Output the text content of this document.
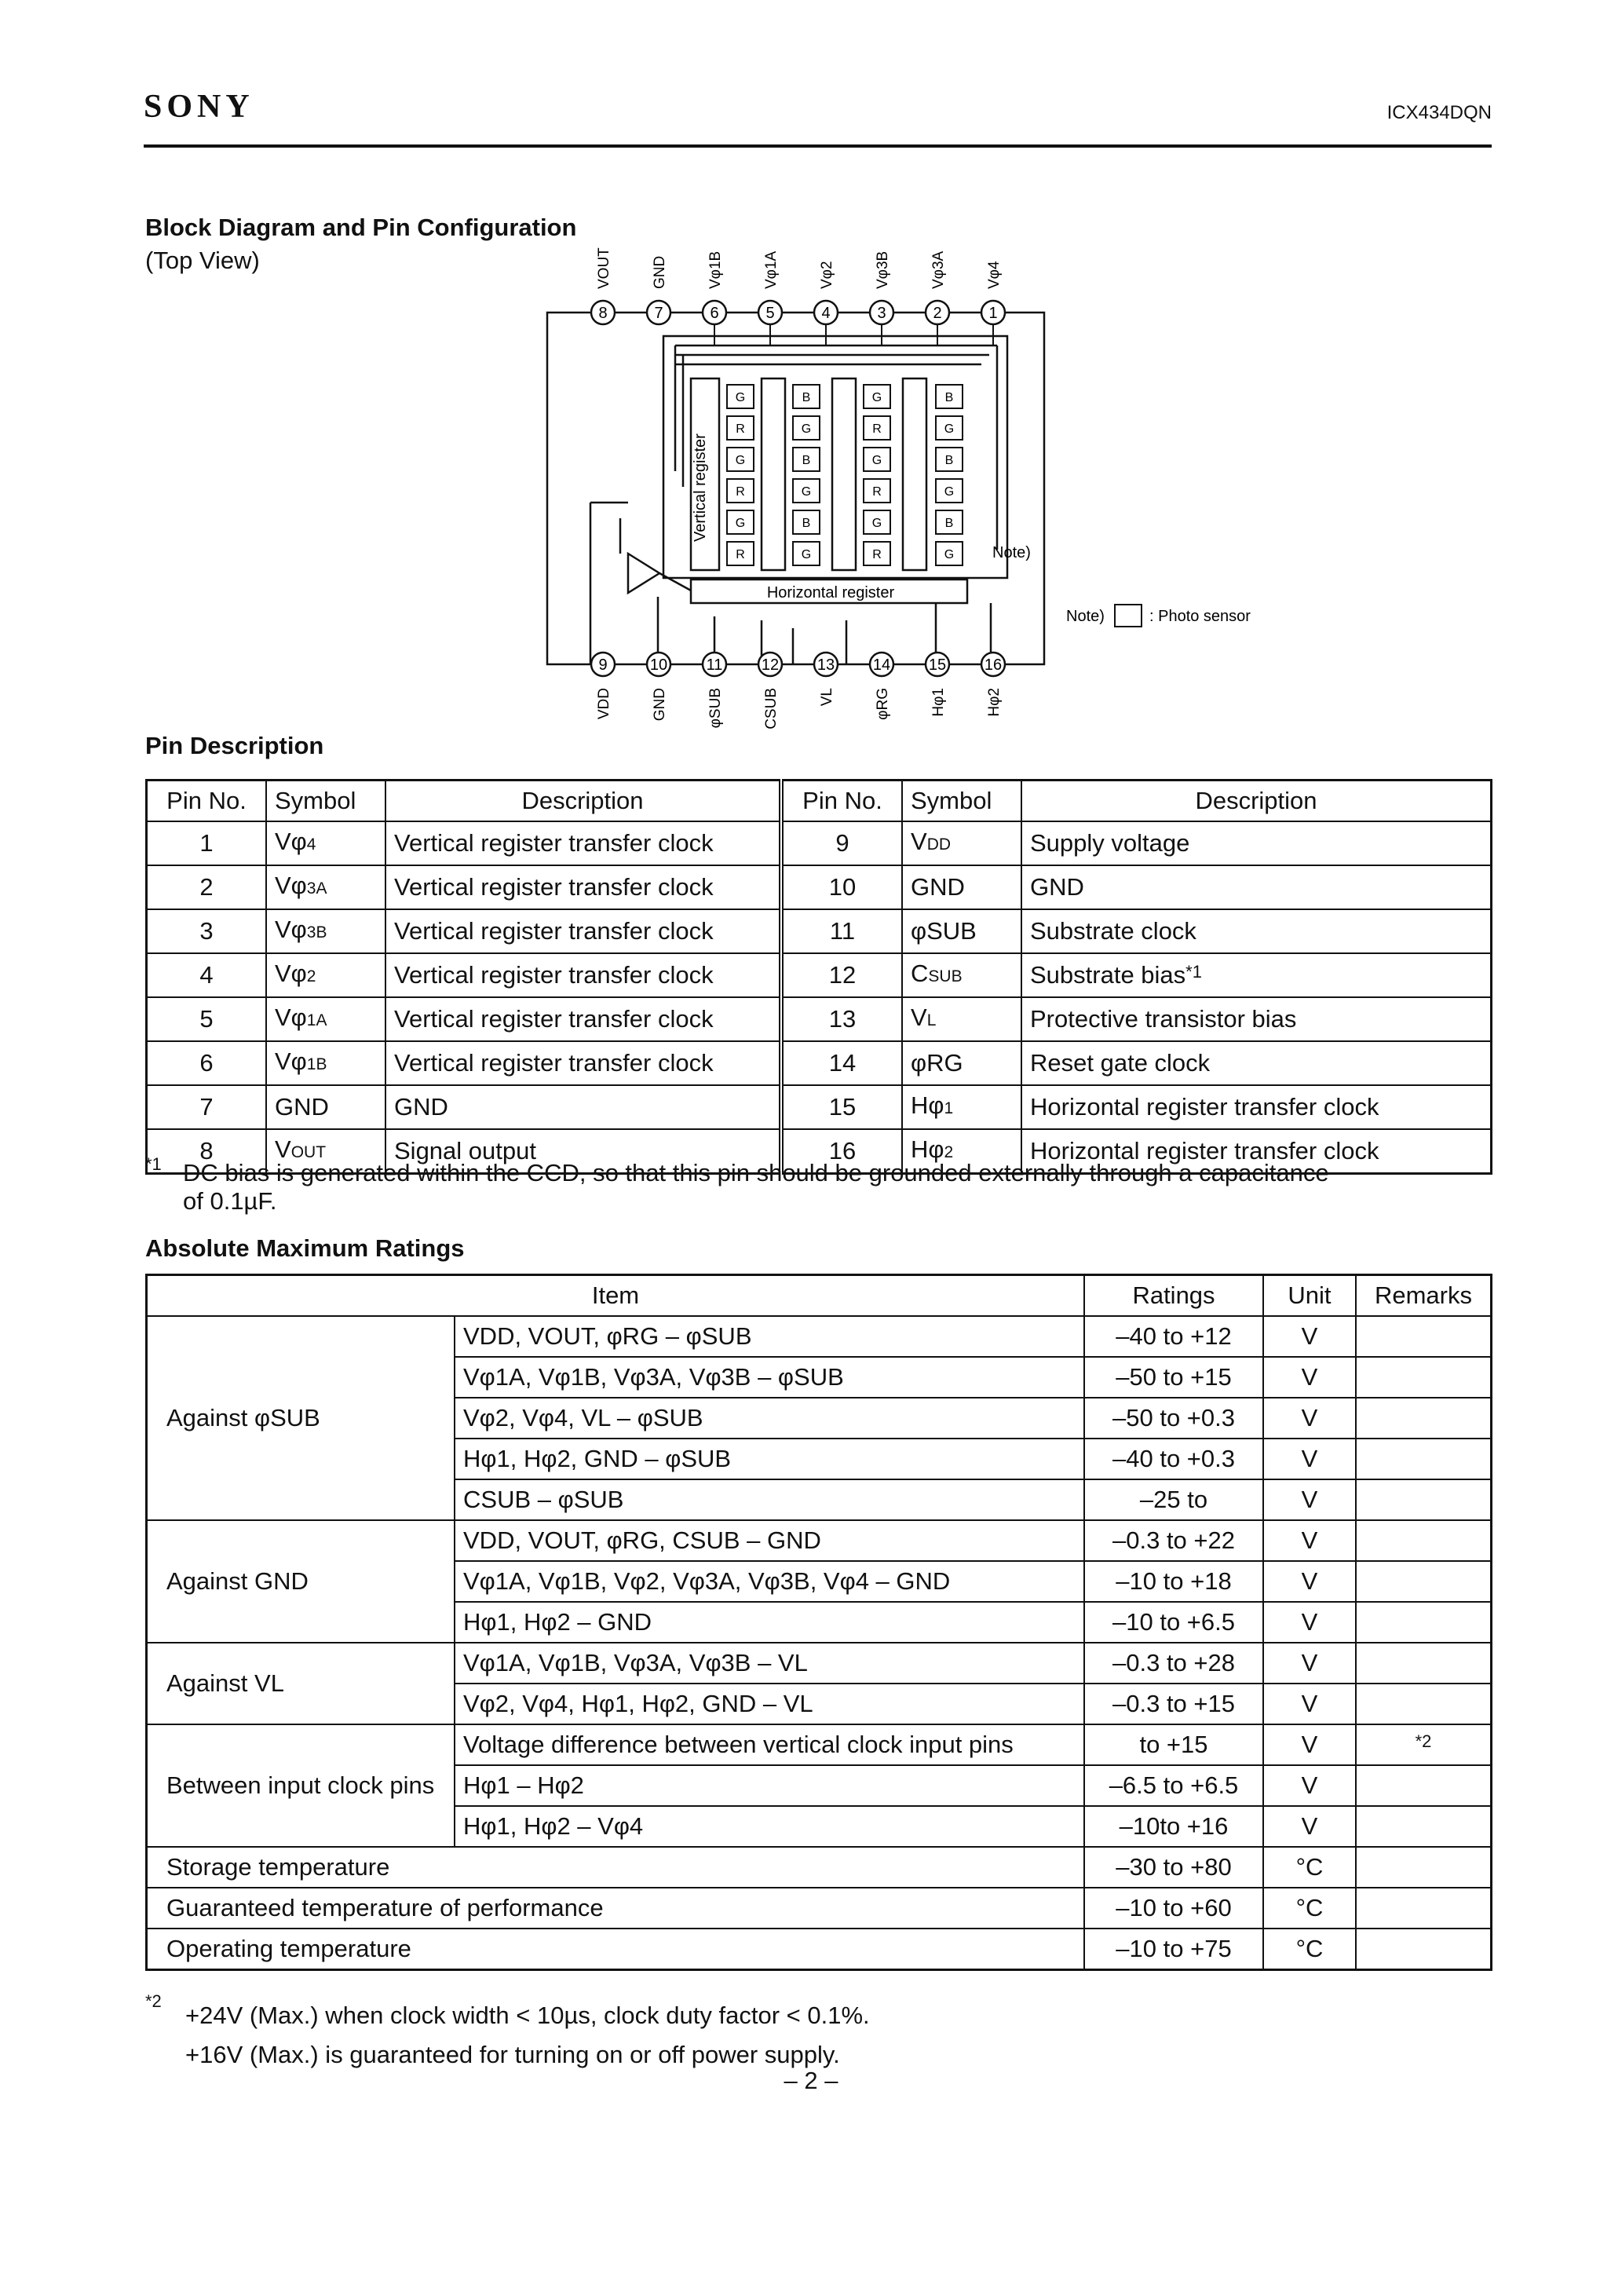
SONY	ICX434DQN
Block Diagram and Pin Configuration
(Top View)
G
R
G
R
G
R
B
G
B
G
B
G
G
R
G
R
G
R
B
G
B
G
B
G
8
VOUT
7
GND
6
Vφ1B
5
Vφ1A
4
Vφ2
3
Vφ3B
2
Vφ3A
1
Vφ4
9
VDD
10
GND
11
φSUB
12
CSUB
13
VL
14
φRG
15
Hφ1
16
Hφ2
Vertical register
Horizontal register
Note)
Note)	: Photo sensor
Pin Description
Pin No.	Symbol	Description	Pin No.	Symbol	Description
1	Vφ4	Vertical register transfer clock	9	VDD	Supply voltage
2	Vφ3A	Vertical register transfer clock	10	GND	GND
3	Vφ3B	Vertical register transfer clock	11	φSUB	Substrate clock
4	Vφ2	Vertical register transfer clock	12	CSUB	Substrate bias$^{*1}$
5	Vφ1A	Vertical register transfer clock	13	VL	Protective transistor bias
6	Vφ1B	Vertical register transfer clock	14	φRG	Reset gate clock
7	GND	GND	15	Hφ1	Horizontal register transfer clock
8	VOUT	Signal output	16	Hφ2	Horizontal register transfer clock
$^{*1}$ DC bias is generated within the CCD, so that this pin should be grounded externally through a capacitance
of 0.1µF.
Absolute Maximum Ratings
Item		Ratings	Unit	Remarks
Against φSUB	VDD, VOUT, φRG – φSUB	–40 to +12	V	
	Vφ1A, Vφ1B, Vφ3A, Vφ3B – φSUB	–50 to +15	V	
	Vφ2, Vφ4, VL – φSUB	–50 to +0.3	V	
	Hφ1, Hφ2, GND – φSUB	–40 to +0.3	V	
	CSUB – φSUB	–25 to	V	
Against GND	VDD, VOUT, φRG, CSUB – GND	–0.3 to +22	V	
	Vφ1A, Vφ1B, Vφ2, Vφ3A, Vφ3B, Vφ4 – GND	–10 to +18	V	
	Hφ1, Hφ2 – GND	–10 to +6.5	V	
Against VL	Vφ1A, Vφ1B, Vφ3A, Vφ3B – VL	–0.3 to +28	V	
	Vφ2, Vφ4, Hφ1, Hφ2, GND – VL	–0.3 to +15	V	
Between input clock pins	Voltage difference between vertical clock input pins	to +15	V	$^{*2}$
	Hφ1 – Hφ2	–6.5 to +6.5	V	
	Hφ1, Hφ2 – Vφ4	–10to +16	V	
Storage temperature		–30 to +80	°C	
Guaranteed temperature of performance		–10 to +60	°C	
Operating temperature		–10 to +75	°C	
$^{*2}$
+24V (Max.) when clock width < 10µs, clock duty factor < 0.1%.
+16V (Max.) is guaranteed for turning on or off power supply.
– 2 –
